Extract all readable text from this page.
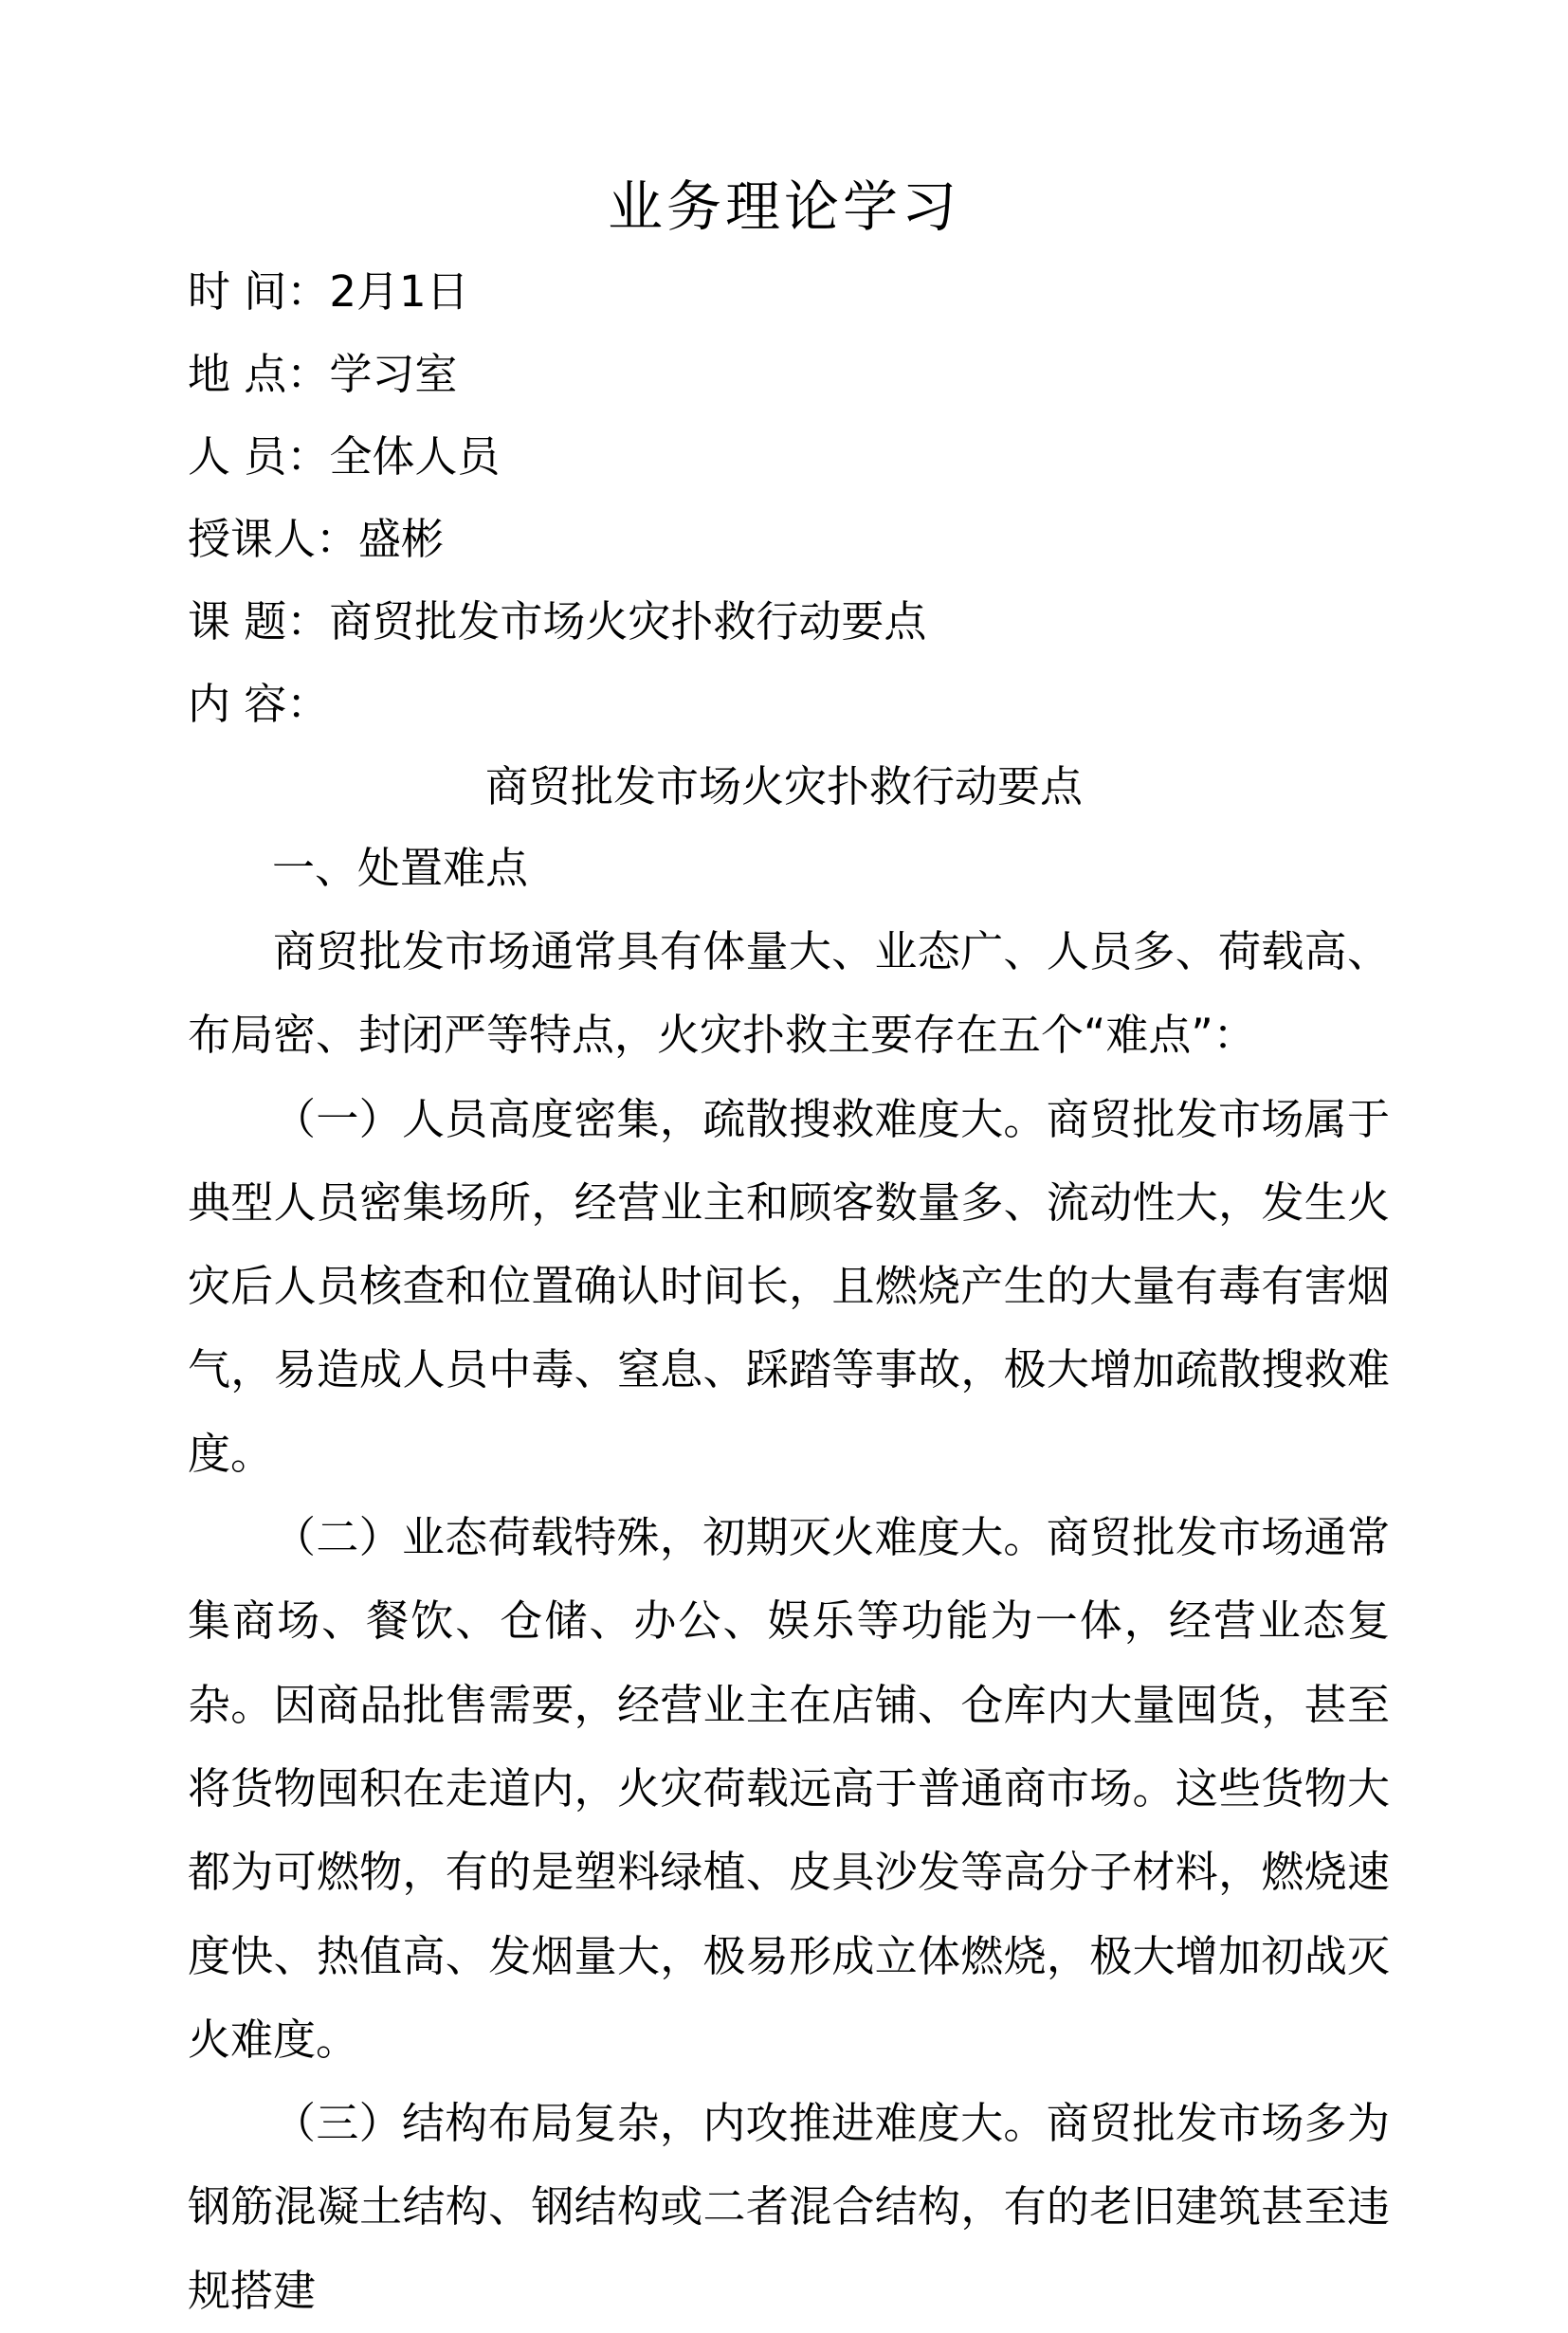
业务理论学习
时 间：2月1日
地 点：学习室
人 员：全体人员
授课人：盛彬
课 题：商贸批发市场火灾扑救行动要点
内 容：
商贸批发市场火灾扑救行动要点
一、处置难点

商贸批发市场通常具有体量大、业态广、人员多、荷载高、布局密、封闭严等特点，火灾扑救主要存在五个“难点”：

（一）人员高度密集，疏散搜救难度大。商贸批发市场属于典型人员密集场所，经营业主和顾客数量多、流动性大，发生火灾后人员核查和位置确认时间长，且燃烧产生的大量有毒有害烟气，易造成人员中毒、窒息、踩踏等事故，极大增加疏散搜救难度。

（二）业态荷载特殊，初期灭火难度大。商贸批发市场通常集商场、餐饮、仓储、办公、娱乐等功能为一体，经营业态复杂。因商品批售需要，经营业主在店铺、仓库内大量囤货，甚至将货物囤积在走道内，火灾荷载远高于普通商市场。这些货物大都为可燃物，有的是塑料绿植、皮具沙发等高分子材料，燃烧速度快、热值高、发烟量大，极易形成立体燃烧，极大增加初战灭火难度。

（三）结构布局复杂，内攻推进难度大。商贸批发市场多为钢筋混凝土结构、钢结构或二者混合结构，有的老旧建筑甚至违规搭建
